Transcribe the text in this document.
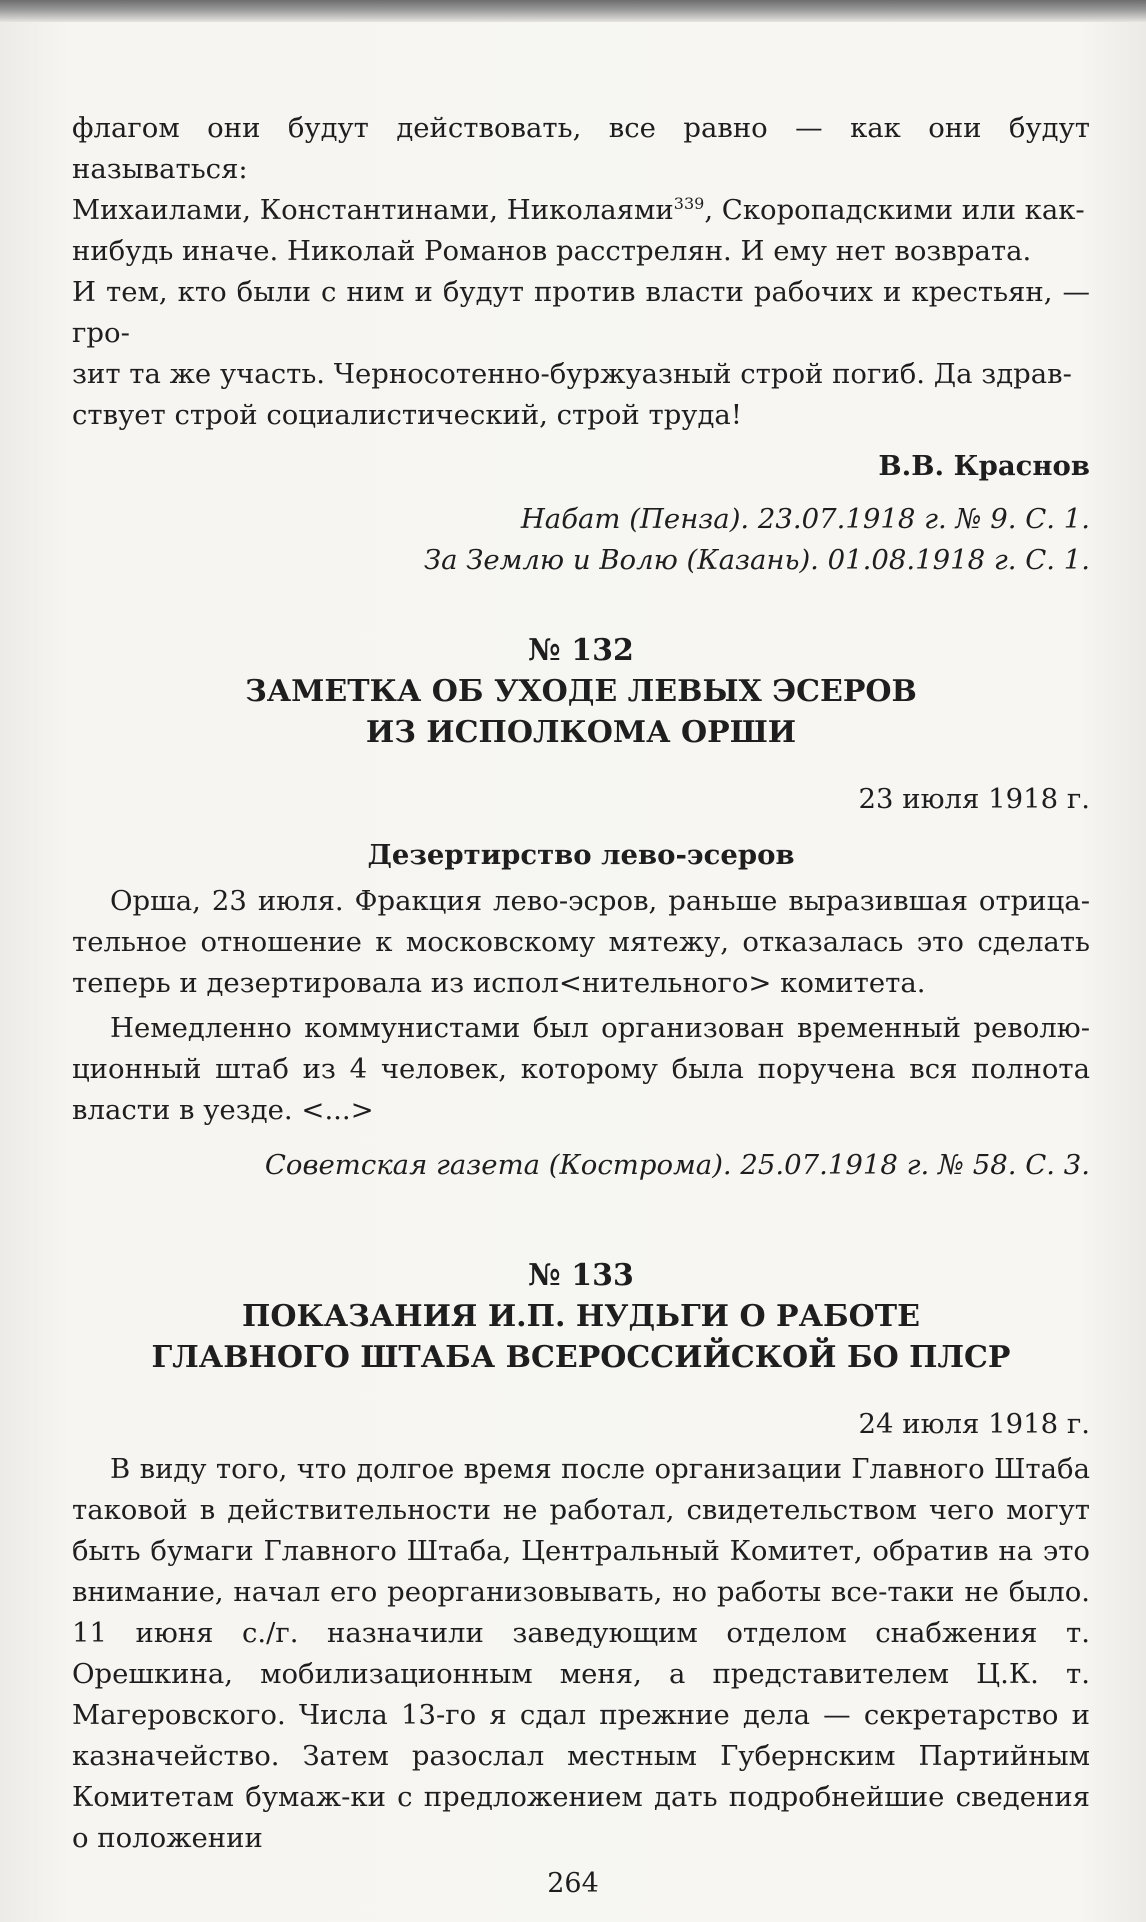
флагом они будут действовать, все равно — как они будут называться:

Михаилами, Константинами, Николаями$^{339}$, Скоропадскими или как-

нибудь иначе. Николай Романов расстрелян. И ему нет возврата.

И тем, кто были с ним и будут против власти рабочих и крестьян, — гро-

зит та же участь. Черносотенно-буржуазный строй погиб. Да здрав-

ствует строй социалистический, строй труда!

В.В. Краснов

Набат (Пенза). 23.07.1918 г. № 9. С. 1.

За Землю и Волю (Казань). 01.08.1918 г. С. 1.

№ 132

ЗАМЕТКА ОБ УХОДЕ ЛЕВЫХ ЭСЕРОВ

ИЗ ИСПОЛКОМА ОРШИ

23 июля 1918 г.

Дезертирство лево-эсеров

Орша, 23 июля. Фракция лево-эсров, раньше выразившая отрица-тельное отношение к московскому мятежу, отказалась это сделать теперь и дезертировала из испол<нительного> комитета.

Немедленно коммунистами был организован временный револю-ционный штаб из 4 человек, которому была поручена вся полнота власти в уезде. <...>

Советская газета (Кострома). 25.07.1918 г. № 58. С. 3.

№ 133

ПОКАЗАНИЯ И.П. НУДЬГИ О РАБОТЕ

ГЛАВНОГО ШТАБА ВСЕРОССИЙСКОЙ БО ПЛСР

24 июля 1918 г.

В виду того, что долгое время после организации Главного Штаба таковой в действительности не работал, свидетельством чего могут быть бумаги Главного Штаба, Центральный Комитет, обратив на это внимание, начал его реорганизовывать, но работы все-таки не было. 11 июня с./г. назначили заведующим отделом снабжения т. Орешкина, мобилизационным меня, а представителем Ц.К. т. Магеровского. Числа 13-го я сдал прежние дела — секретарство и казначейство. Затем разослал местным Губернским Партийным Комитетам бумаж-ки с предложением дать подробнейшие сведения о положении

264
